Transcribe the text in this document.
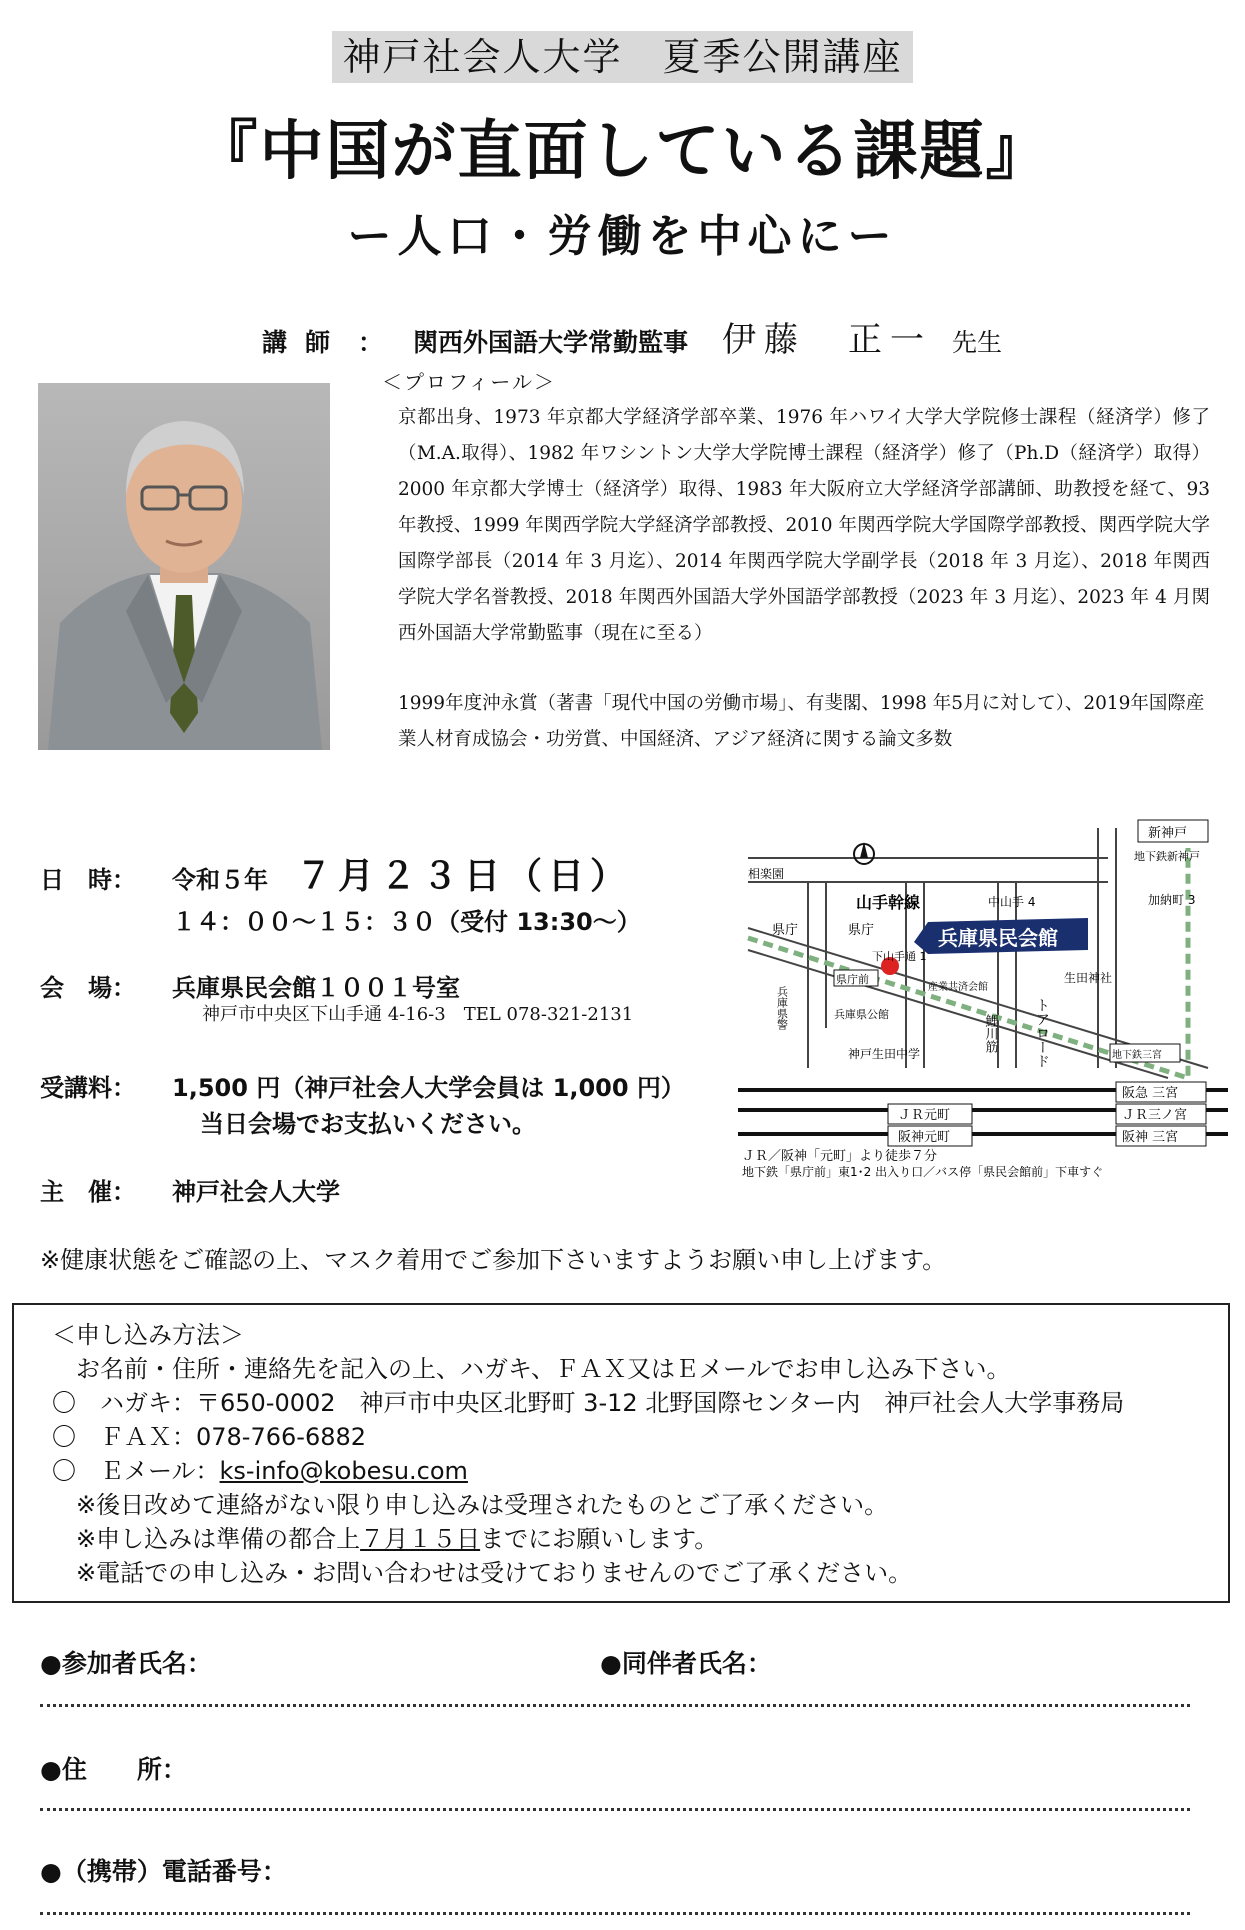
神戸社会人大学　夏季公開講座
『中国が直面している課題』
ー人口・労働を中心にー
講師 ： 関西外国語大学常勤監事 伊藤　正一 先生
＜プロフィール＞
京都出身、1973 年京都大学経済学部卒業、1976 年ハワイ大学大学院修士課程（経済学）修了（M.A.取得）、1982 年ワシントン大学大学院博士課程（経済学）修了（Ph.D（経済学）取得）2000 年京都大学博士（経済学）取得、1983 年大阪府立大学経済学部講師、助教授を経て、93 年教授、1999 年関西学院大学経済学部教授、2010 年関西学院大学国際学部教授、関西学院大学国際学部長（2014 年 3 月迄）、2014 年関西学院大学副学長（2018 年 3 月迄）、2018 年関西学院大学名誉教授、2018 年関西外国語大学外国語学部教授（2023 年 3 月迄）、2023 年 4 月関西外国語大学常勤監事（現在に至る）
1999年度沖永賞（著書「現代中国の労働市場」、有斐閣、1998 年5月に対して）、2019年国際産業人材育成協会・功労賞、中国経済、アジア経済に関する論文多数
日　時： 令和５年 ７月２３日（日）
１４：００～１５：３０（受付 13:30～）
会　場： 兵庫県民会館１００１号室
神戸市中央区下山手通 4-16-3　TEL 078-321-2131
受講料： 1,500 円（神戸社会人大学会員は 1,000 円）
当日会場でお支払いください。
主　催： 神戸社会人大学
兵庫県民会館
新神戸
地下鉄新神戸
相楽園
山手幹線	中山手 4	加納町 3
県庁	県庁
下山手通 1
兵庫県警
県庁前
産業共済会館
兵庫県公館
生田神社
神戸生田中学	トアロード
鯉川筋
地下鉄三宮
阪急 三宮
ＪＲ元町	ＪＲ三ノ宮
阪神元町	阪神 三宮
ＪＲ／阪神「元町」より徒歩７分
地下鉄「県庁前」東1･2 出入り口／バス停「県民会館前」下車すぐ
※健康状態をご確認の上、マスク着用でご参加下さいますようお願い申し上げます。
＜申し込み方法＞
お名前・住所・連絡先を記入の上、ハガキ、ＦＡＸ又はＥメールでお申し込み下さい。
〇　 ハガキ：〒650-0002　神戸市中央区北野町 3-12 北野国際センター内　神戸社会人大学事務局
〇　 ＦＡＸ：078-766-6882
〇　 Ｅメール：ks-info@kobesu.com
※後日改めて連絡がない限り申し込みは受理されたものとご了承ください。
※申し込みは準備の都合上７月１５日までにお願いします。
※電話での申し込み・お問い合わせは受けておりませんのでご了承ください。
●参加者氏名：	●同伴者氏名：
●住　　所：
●（携帯）電話番号：
